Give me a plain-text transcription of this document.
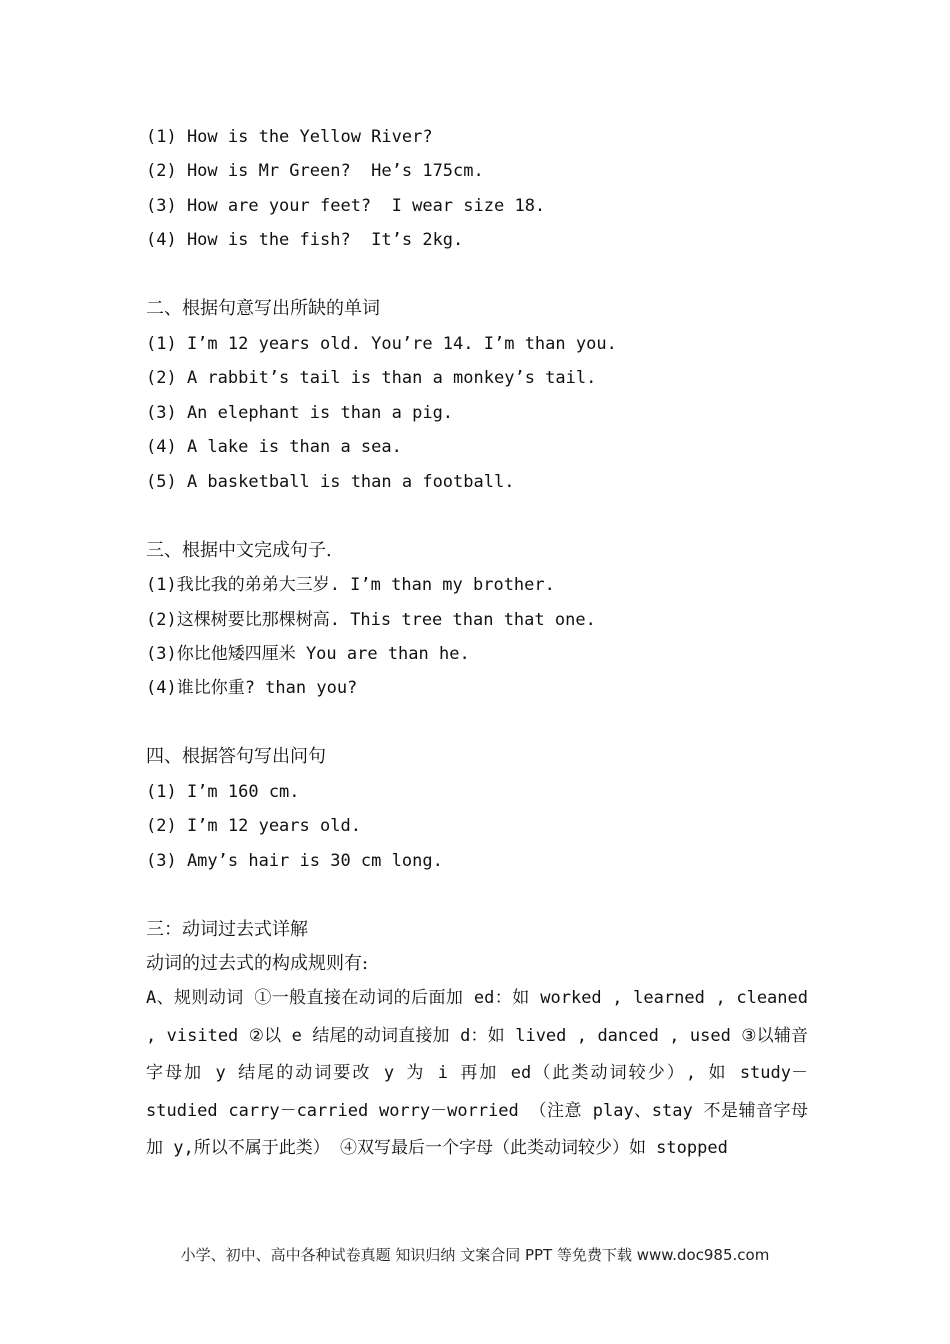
(1) How is the Yellow River?
(2) How is Mr Green?  He’s 175cm.
(3) How are your feet?  I wear size 18.
(4) How is the fish?  It’s 2kg.
二、根据句意写出所缺的单词
(1) I’m 12 years old. You’re 14. I’m than you.
(2) A rabbit’s tail is than a monkey’s tail.
(3) An elephant is than a pig.
(4) A lake is than a sea.
(5) A basketball is than a football.
三、根据中文完成句子.
(1)我比我的弟弟大三岁. I’m than my brother.
(2)这棵树要比那棵树高. This tree than that one.
(3)你比他矮四厘米 You are than he.
(4)谁比你重? than you?
四、根据答句写出问句
(1) I’m 160 cm.
(2) I’m 12 years old.
(3) Amy’s hair is 30 cm long.
三：动词过去式详解
动词的过去式的构成规则有:
A、规则动词 ①一般直接在动词的后面加 ed：如 worked , learned , cleaned , visited ②以 e 结尾的动词直接加 d：如 lived , danced , used ③以辅音字母加 y 结尾的动词要改 y 为 i 再加 ed（此类动词较少）, 如 study－studied carry－carried worry－worried （注意 play、stay 不是辅音字母加 y,所以不属于此类） ④双写最后一个字母（此类动词较少）如 stopped
小学、初中、高中各种试卷真题 知识归纳 文案合同 PPT 等免费下载 www.doc985.com
